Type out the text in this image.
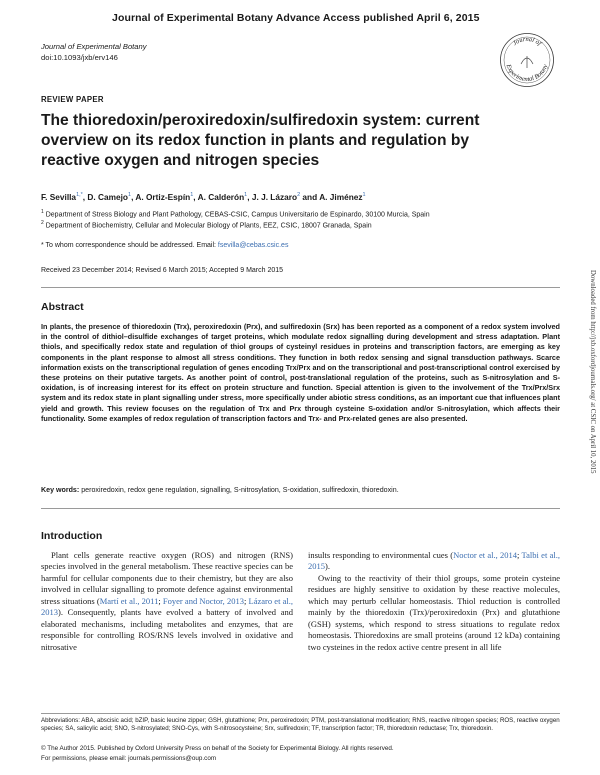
Journal of Experimental Botany Advance Access published April 6, 2015
Journal of Experimental Botany
doi:10.1093/jxb/erv146
Journal of
Experimental Botany
REVIEW PAPER
The thioredoxin/peroxiredoxin/sulfiredoxin system: current
overview on its redox function in plants and regulation by
reactive oxygen and nitrogen species
F. Sevilla$^{1,*}$, D. Camejo$^1$, A. Ortiz-Espín$^1$, A. Calderón$^1$, J. J. Lázaro$^2$ and A. Jiménez$^1$
$^1$ Department of Stress Biology and Plant Pathology, CEBAS-CSIC, Campus Universitario de Espinardo, 30100 Murcia, Spain
$^2$ Department of Biochemistry, Cellular and Molecular Biology of Plants, EEZ, CSIC, 18007 Granada, Spain
* To whom correspondence should be addressed. Email: fsevilla@cebas.csic.es
Received 23 December 2014; Revised 6 March 2015; Accepted 9 March 2015
Abstract
In plants, the presence of thioredoxin (Trx), peroxiredoxin (Prx), and sulfiredoxin (Srx) has been reported as a component of a redox system involved in the control of dithiol–disulfide exchanges of target proteins, which modulate redox signalling during development and stress adaptation. Plant thiols, and specifically redox state and regulation of thiol groups of cysteinyl residues in proteins and transcription factors, are emerging as key components in the plant response to almost all stress conditions. They function in both redox sensing and signal transduction pathways. Scarce information exists on the transcriptional regulation of genes encoding Trx/Prx and on the transcriptional and post-transcriptional control exercised by these proteins on their putative targets. As another point of control, post-translational regulation of the proteins, such as S-nitrosylation and S-oxidation, is of increasing interest for its effect on protein structure and function. Special attention is given to the involvement of the Trx/Prx/Srx system and its redox state in plant signalling under stress, more specifically under abiotic stress conditions, as an important cue that influences plant yield and growth. This review focuses on the regulation of Trx and Prx through cysteine S-oxidation and/or S-nitrosylation, which affects their functionality. Some examples of redox regulation of transcription factors and Trx- and Prx-related genes are also presented.
Key words: peroxiredoxin, redox gene regulation, signalling, S-nitrosylation, S-oxidation, sulfiredoxin, thioredoxin.
Downloaded from http://jxb.oxfordjournals.org/ at CSIC on April 10, 2015
Introduction

Plant cells generate reactive oxygen (ROS) and nitrogen (RNS) species involved in the general metabolism. These reactive species can be harmful for cellular components due to their chemistry, but they are also involved in cellular signalling to promote defence against environmental stress situations (Martí et al., 2011; Foyer and Noctor, 2013; Lázaro et al., 2013). Consequently, plants have evolved a battery of involved and elaborated mechanisms, including metabolites and enzymes, that are responsible for controlling ROS/RNS levels involved in oxidative and nitrosative

insults responding to environmental cues (Noctor et al., 2014; Talbi et al., 2015).

Owing to the reactivity of their thiol groups, some protein cysteine residues are highly sensitive to oxidation by these reactive molecules, which may perturb cellular homeostasis. Thiol reduction is controlled mainly by the thioredoxin (Trx)/peroxiredoxin (Prx) and glutathione (GSH) systems, which respond to stress situations to regulate redox homeostasis. Thioredoxins are small proteins (around 12 kDa) containing two cysteines in the redox active centre present in all life

Abbreviations: ABA, abscisic acid; bZIP, basic leucine zipper; GSH, glutathione; Prx, peroxiredoxin; PTM, post-translational modification; RNS, reactive nitrogen species; ROS, reactive oxygen species; SA, salicylic acid; SNO, S-nitrosylated; SNO-Cys, with S-nitrosocysteine; Srx, sulfiredoxin; TF, transcription factor; TR, thioredoxin reductase; Trx, thioredoxin.
© The Author 2015. Published by Oxford University Press on behalf of the Society for Experimental Biology. All rights reserved.
For permissions, please email: journals.permissions@oup.com
